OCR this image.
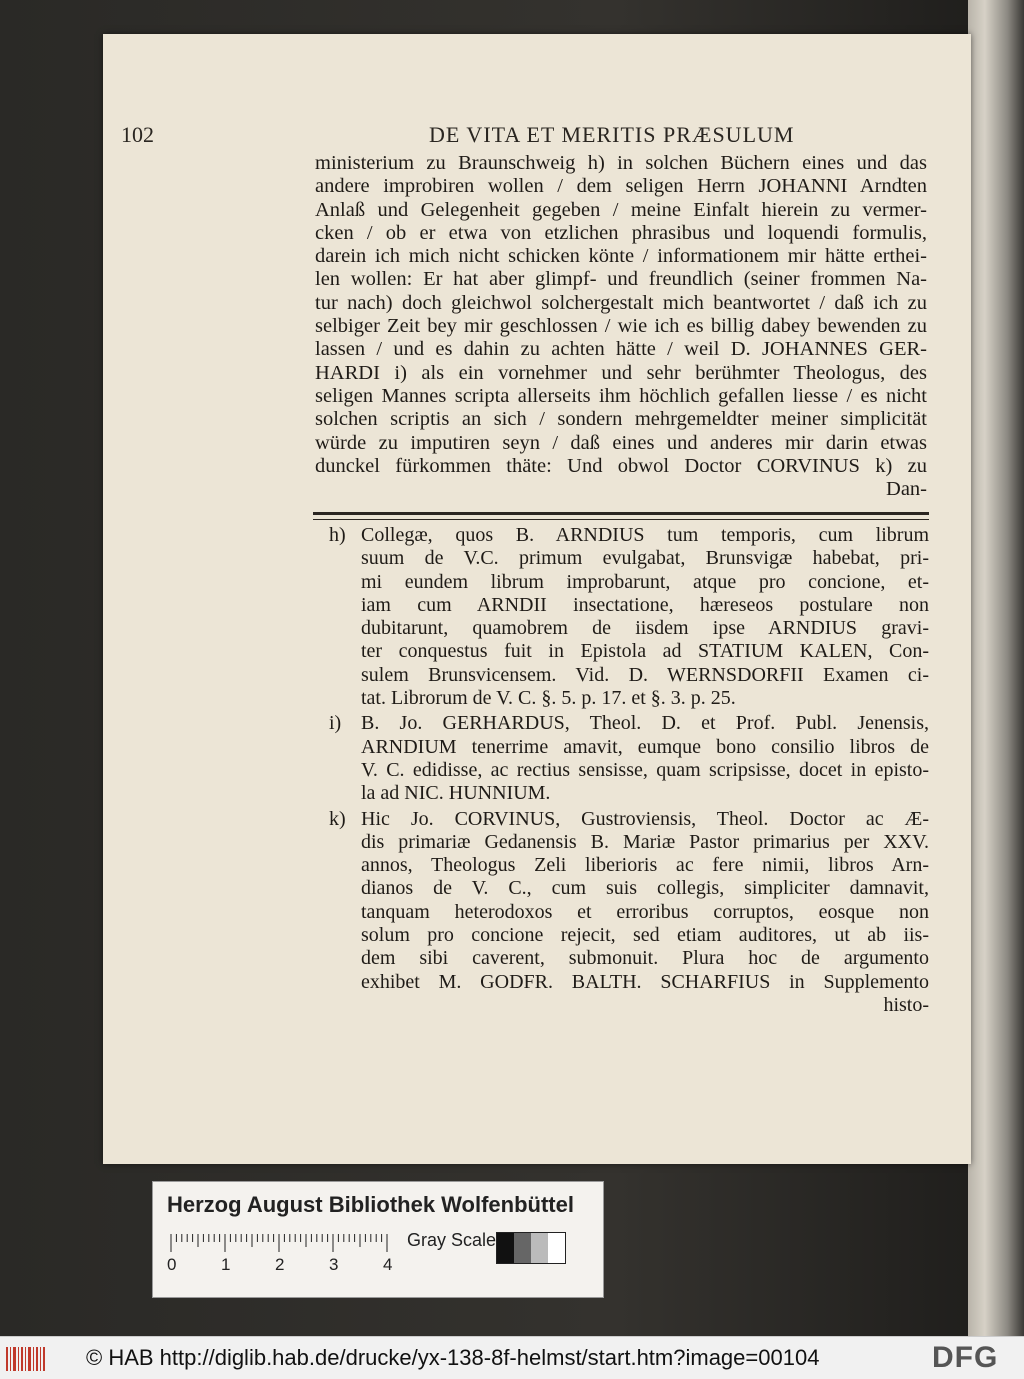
102	DE VITA ET MERITIS PRÆSULUM
ministerium zu Braunschweig h) in solchen Büchern eines und das
andere improbiren wollen / dem seligen Herrn JOHANNI Arndten
Anlaß und Gelegenheit gegeben / meine Einfalt hierein zu vermer-
cken / ob er etwa von etzlichen phrasibus und loquendi formulis,
darein ich mich nicht schicken könte / informationem mir hätte erthei-
len wollen: Er hat aber glimpf- und freundlich (seiner frommen Na-
tur nach) doch gleichwol solchergestalt mich beantwortet / daß ich zu
selbiger Zeit bey mir geschlossen / wie ich es billig dabey bewenden zu
lassen / und es dahin zu achten hätte / weil D. JOHANNES GER-
HARDI i) als ein vornehmer und sehr berühmter Theologus, des
seligen Mannes scripta allerseits ihm höchlich gefallen liesse / es nicht
solchen scriptis an sich / sondern mehrgemeldter meiner simplicität
würde zu imputiren seyn / daß eines und anderes mir darin etwas
dunckel fürkommen thäte: Und obwol Doctor CORVINUS k) zu
Dan-
h) Collegæ, quos B. ARNDIUS tum temporis, cum librum
suum de V.C. primum evulgabat, Brunsvigæ habebat, pri-
mi eundem librum improbarunt, atque pro concione, et-
iam cum ARNDII insectatione, hæreseos postulare non
dubitarunt, quamobrem de iisdem ipse ARNDIUS gravi-
ter conquestus fuit in Epistola ad STATIUM KALEN, Con-
sulem Brunsvicensem. Vid. D. WERNSDORFII Examen ci-
tat. Librorum de V. C. §. 5. p. 17. et §. 3. p. 25.
i) B. Jo. GERHARDUS, Theol. D. et Prof. Publ. Jenensis,
ARNDIUM tenerrime amavit, eumque bono consilio libros de
V. C. edidisse, ac rectius sensisse, quam scripsisse, docet in episto-
la ad NIC. HUNNIUM.
k) Hic Jo. CORVINUS, Gustroviensis, Theol. Doctor ac Æ-
dis primariæ Gedanensis B. Mariæ Pastor primarius per XXV.
annos, Theologus Zeli liberioris ac fere nimii, libros Arn-
dianos de V. C., cum suis collegis, simpliciter damnavit,
tanquam heterodoxos et erroribus corruptos, eosque non
solum pro concione rejecit, sed etiam auditores, ut ab iis-
dem sibi caverent, submonuit. Plura hoc de argumento
exhibet M. GODFR. BALTH. SCHARFIUS in Supplemento
histo-
Herzog August Bibliothek Wolfenbüttel
0	1	2	3	4
Gray Scale
© HAB http://diglib.hab.de/drucke/yx-138-8f-helmst/start.htm?image=00104	DFG
